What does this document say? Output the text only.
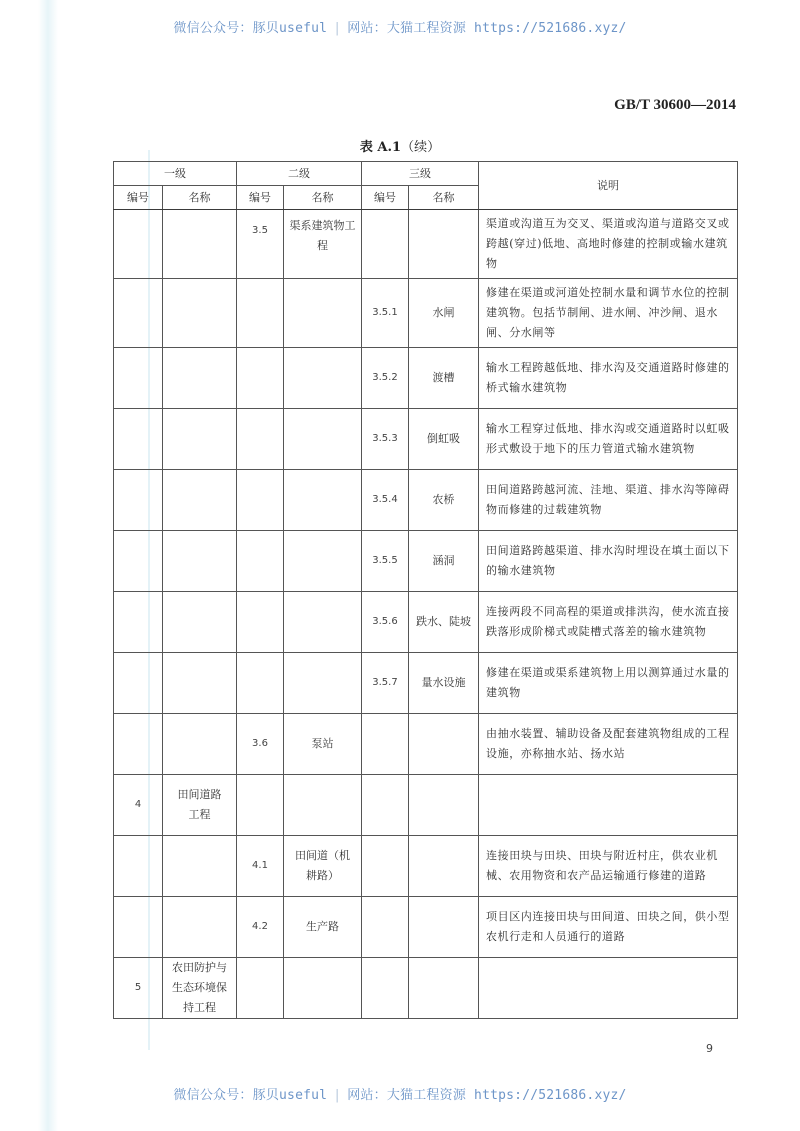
微信公众号：豚贝useful | 网站：大猫工程资源 https://521686.xyz/
GB/T 30600—2014
表 A.1（续）
一级		二级		三级		说明
编号	名称	编号	名称	编号	名称	
		3.5	渠系建筑物工程			渠道或沟道互为交叉、渠道或沟道与道路交叉或跨越(穿过)低地、高地时修建的控制或输水建筑物
				3.5.1	水闸	修建在渠道或河道处控制水量和调节水位的控制建筑物。包括节制闸、进水闸、冲沙闸、退水闸、分水闸等
				3.5.2	渡槽	输水工程跨越低地、排水沟及交通道路时修建的桥式输水建筑物
				3.5.3	倒虹吸	输水工程穿过低地、排水沟或交通道路时以虹吸形式敷设于地下的压力管道式输水建筑物
				3.5.4	农桥	田间道路跨越河流、洼地、渠道、排水沟等障碍物而修建的过载建筑物
				3.5.5	涵洞	田间道路跨越渠道、排水沟时埋设在填土面以下的输水建筑物
				3.5.6	跌水、陡坡	连接两段不同高程的渠道或排洪沟，使水流直接跌落形成阶梯式或陡槽式落差的输水建筑物
				3.5.7	量水设施	修建在渠道或渠系建筑物上用以测算通过水量的建筑物
		3.6	泵站			由抽水装置、辅助设备及配套建筑物组成的工程设施，亦称抽水站、扬水站
4	田间道路工程					
		4.1	田间道（机耕路）			连接田块与田块、田块与附近村庄，供农业机械、农用物资和农产品运输通行修建的道路
		4.2	生产路			项目区内连接田块与田间道、田块之间，供小型农机行走和人员通行的道路
5	农田防护与生态环境保持工程					
9
微信公众号：豚贝useful | 网站：大猫工程资源 https://521686.xyz/
